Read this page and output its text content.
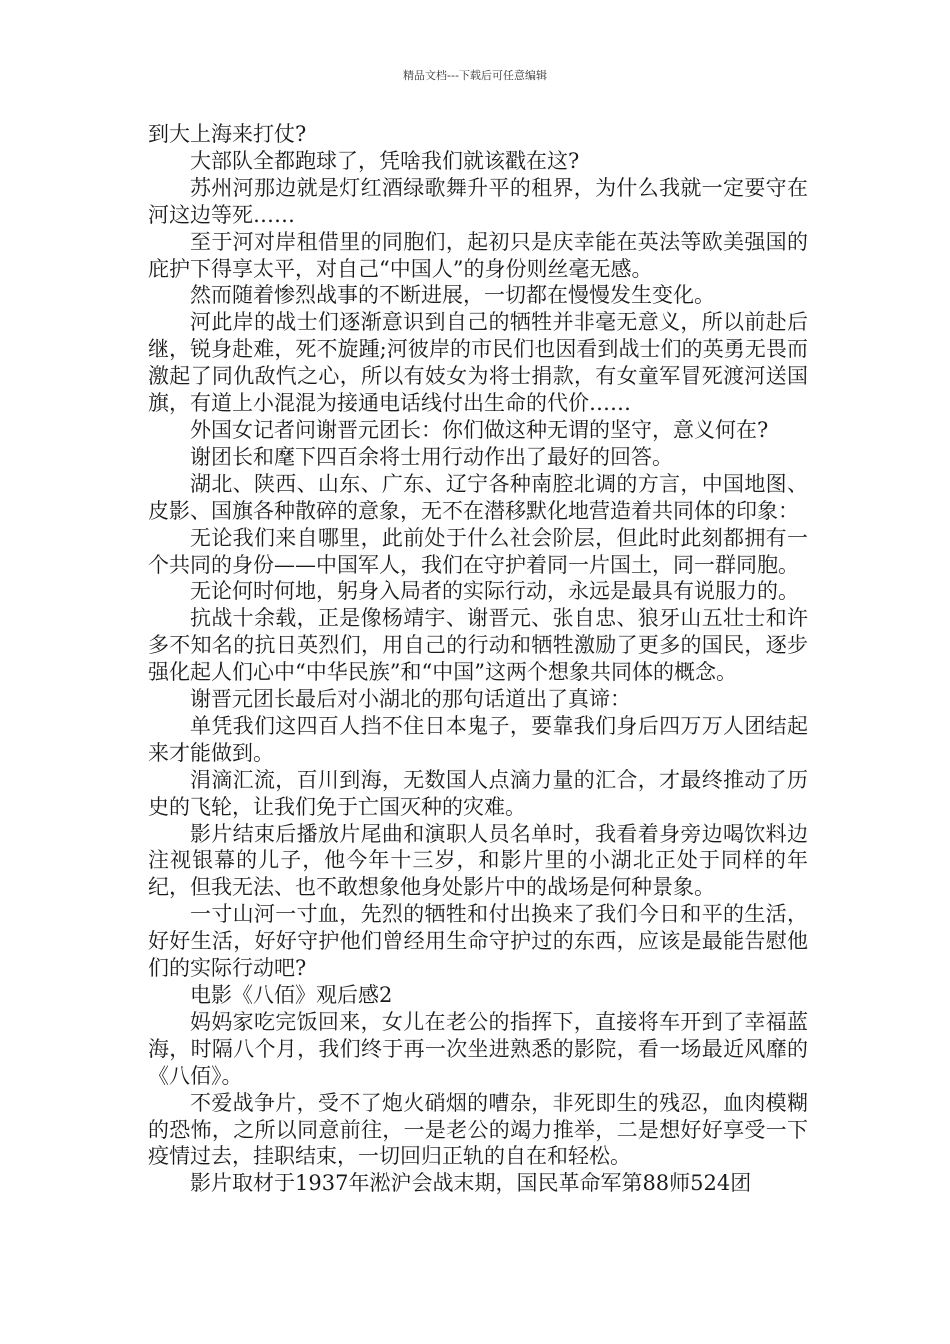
精品文档---下载后可任意编辑

到大上海来打仗?

大部队全都跑球了，凭啥我们就该戳在这?

苏州河那边就是灯红酒绿歌舞升平的租界，为什么我就一定要守在河这边等死……

至于河对岸租借里的同胞们，起初只是庆幸能在英法等欧美强国的庇护下得享太平，对自己“中国人”的身份则丝毫无感。

然而随着惨烈战事的不断进展，一切都在慢慢发生变化。

河此岸的战士们逐渐意识到自己的牺牲并非毫无意义，所以前赴后继，锐身赴难，死不旋踵;河彼岸的市民们也因看到战士们的英勇无畏而激起了同仇敌忾之心，所以有妓女为将士捐款，有女童军冒死渡河送国旗，有道上小混混为接通电话线付出生命的代价……

外国女记者问谢晋元团长：你们做这种无谓的坚守，意义何在?

谢团长和麾下四百余将士用行动作出了最好的回答。

湖北、陕西、山东、广东、辽宁各种南腔北调的方言，中国地图、皮影、国旗各种散碎的意象，无不在潜移默化地营造着共同体的印象：

无论我们来自哪里，此前处于什么社会阶层，但此时此刻都拥有一个共同的身份——中国军人，我们在守护着同一片国土，同一群同胞。

无论何时何地，躬身入局者的实际行动，永远是最具有说服力的。

抗战十余载，正是像杨靖宇、谢晋元、张自忠、狼牙山五壮士和许多不知名的抗日英烈们，用自己的行动和牺牲激励了更多的国民，逐步强化起人们心中“中华民族”和“中国”这两个想象共同体的概念。

谢晋元团长最后对小湖北的那句话道出了真谛：

单凭我们这四百人挡不住日本鬼子，要靠我们身后四万万人团结起来才能做到。

涓滴汇流，百川到海，无数国人点滴力量的汇合，才最终推动了历史的飞轮，让我们免于亡国灭种的灾难。

影片结束后播放片尾曲和演职人员名单时，我看着身旁边喝饮料边注视银幕的儿子，他今年十三岁，和影片里的小湖北正处于同样的年纪，但我无法、也不敢想象他身处影片中的战场是何种景象。

一寸山河一寸血，先烈的牺牲和付出换来了我们今日和平的生活，好好生活，好好守护他们曾经用生命守护过的东西，应该是最能告慰他们的实际行动吧?

电影《八佰》观后感2

妈妈家吃完饭回来，女儿在老公的指挥下，直接将车开到了幸福蓝海，时隔八个月，我们终于再一次坐进熟悉的影院，看一场最近风靡的《八佰》。

不爱战争片，受不了炮火硝烟的嘈杂，非死即生的残忍，血肉模糊的恐怖，之所以同意前往，一是老公的竭力推举，二是想好好享受一下疫情过去，挂职结束，一切回归正轨的自在和轻松。

影片取材于1937年淞沪会战末期，国民革命军第88师524团
